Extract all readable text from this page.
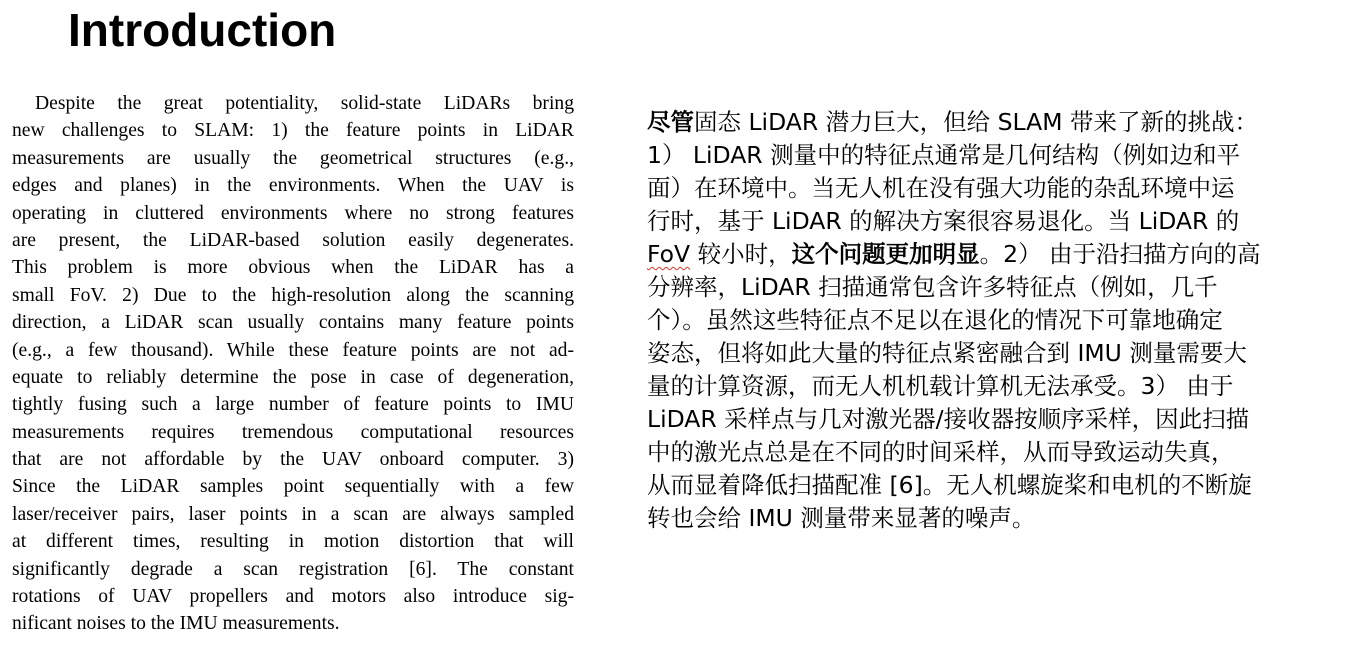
Introduction
Despite the great potentiality, solid-state LiDARs bring
new challenges to SLAM: 1) the feature points in LiDAR
measurements are usually the geometrical structures (e.g.,
edges and planes) in the environments. When the UAV is
operating in cluttered environments where no strong features
are present, the LiDAR-based solution easily degenerates.
This problem is more obvious when the LiDAR has a
small FoV. 2) Due to the high-resolution along the scanning
direction, a LiDAR scan usually contains many feature points
(e.g., a few thousand). While these feature points are not ad-
equate to reliably determine the pose in case of degeneration,
tightly fusing such a large number of feature points to IMU
measurements requires tremendous computational resources
that are not affordable by the UAV onboard computer. 3)
Since the LiDAR samples point sequentially with a few
laser/receiver pairs, laser points in a scan are always sampled
at different times, resulting in motion distortion that will
significantly degrade a scan registration [6]. The constant
rotations of UAV propellers and motors also introduce sig-
nificant noises to the IMU measurements.
尽管固态 LiDAR 潜力巨大，但给 SLAM 带来了新的挑战：
1） LiDAR 测量中的特征点通常是几何结构（例如边和平
面）在环境中。当无人机在没有强大功能的杂乱环境中运
行时，基于 LiDAR 的解决方案很容易退化。当 LiDAR 的
FoV 较小时，这个问题更加明显。2） 由于沿扫描方向的高
分辨率，LiDAR 扫描通常包含许多特征点（例如，几千
个）。虽然这些特征点不足以在退化的情况下可靠地确定
姿态，但将如此大量的特征点紧密融合到 IMU 测量需要大
量的计算资源，而无人机机载计算机无法承受。3） 由于
LiDAR 采样点与几对激光器/接收器按顺序采样，因此扫描
中的激光点总是在不同的时间采样，从而导致运动失真，
从而显着降低扫描配准 [6]。无人机螺旋桨和电机的不断旋
转也会给 IMU 测量带来显著的噪声。
